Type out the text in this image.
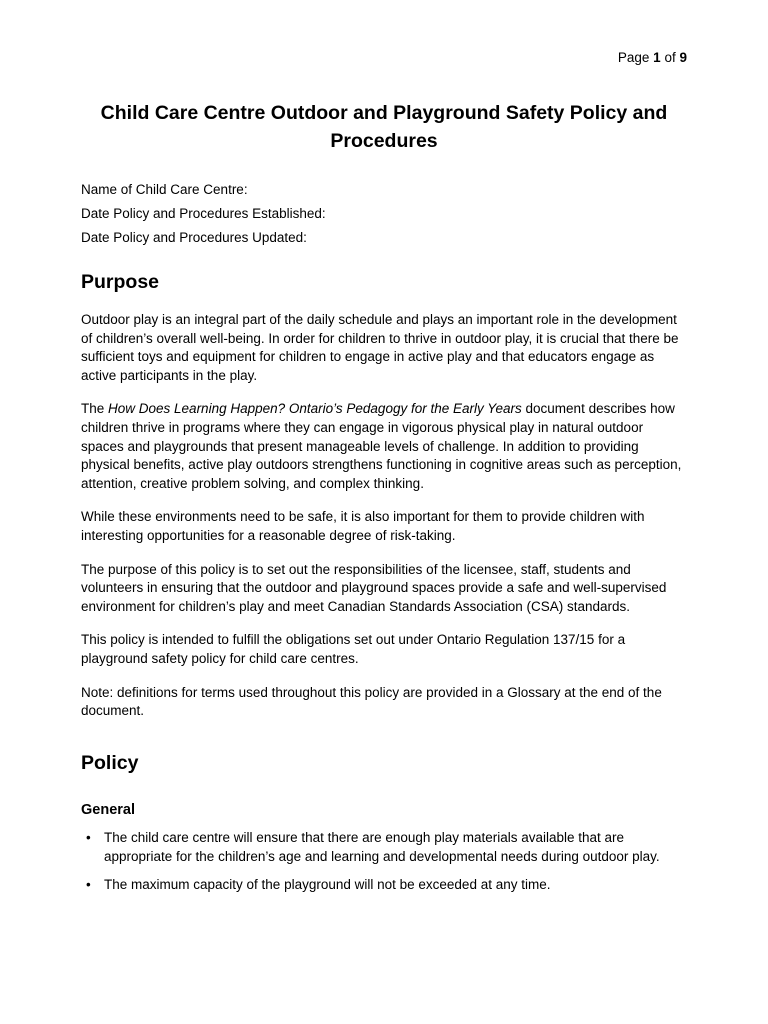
Page 1 of 9
Child Care Centre Outdoor and Playground Safety Policy and Procedures

Name of Child Care Centre:

Date Policy and Procedures Established:

Date Policy and Procedures Updated:

Purpose

Outdoor play is an integral part of the daily schedule and plays an important role in the development of children’s overall well-being. In order for children to thrive in outdoor play, it is crucial that there be sufficient toys and equipment for children to engage in active play and that educators engage as active participants in the play.

The How Does Learning Happen? Ontario’s Pedagogy for the Early Years document describes how children thrive in programs where they can engage in vigorous physical play in natural outdoor spaces and playgrounds that present manageable levels of challenge. In addition to providing physical benefits, active play outdoors strengthens functioning in cognitive areas such as perception, attention, creative problem solving, and complex thinking.

While these environments need to be safe, it is also important for them to provide children with interesting opportunities for a reasonable degree of risk-taking.

The purpose of this policy is to set out the responsibilities of the licensee, staff, students and volunteers in ensuring that the outdoor and playground spaces provide a safe and well-supervised environment for children’s play and meet Canadian Standards Association (CSA) standards.

This policy is intended to fulfill the obligations set out under Ontario Regulation 137/15 for a playground safety policy for child care centres.

Note: definitions for terms used throughout this policy are provided in a Glossary at the end of the document.

Policy
General
• The child care centre will ensure that there are enough play materials available that are appropriate for the children’s age and learning and developmental needs during outdoor play.
• The maximum capacity of the playground will not be exceeded at any time.
